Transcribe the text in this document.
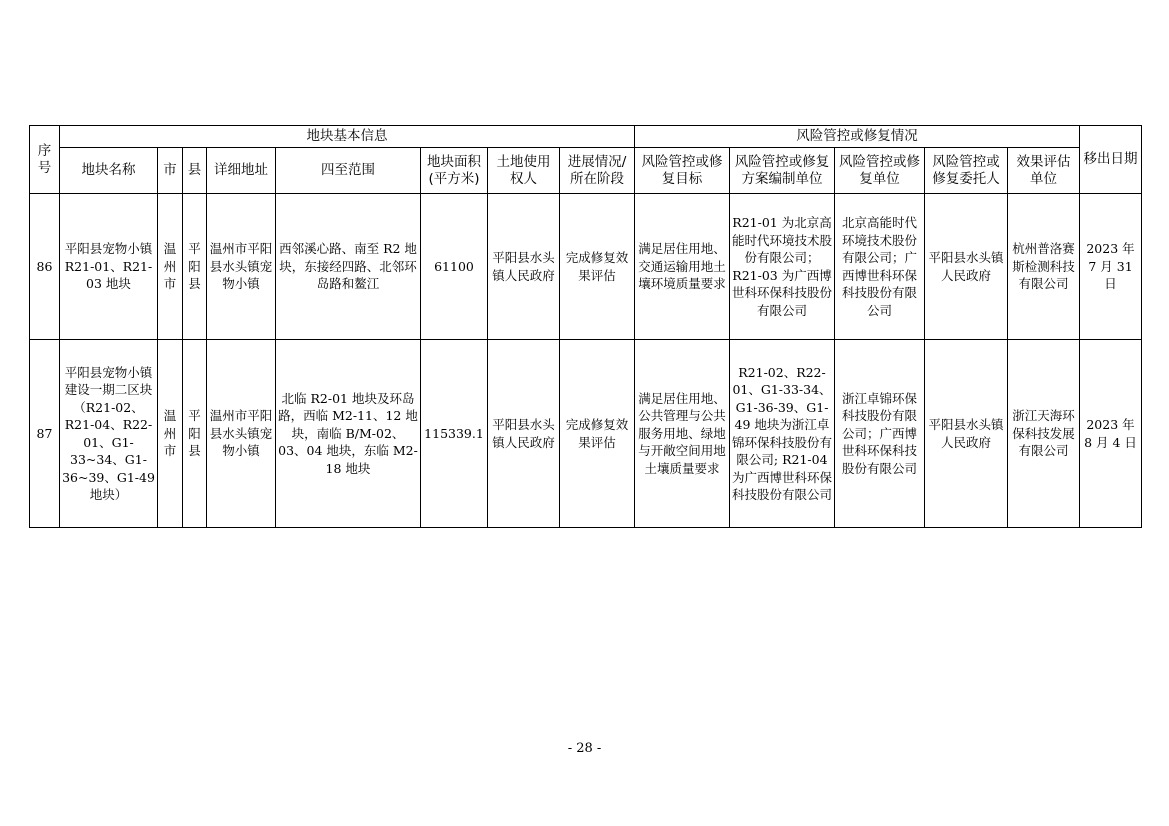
序号	地块基本信息								风险管控或修复情况					移出日期
	地块名称	市	县	详细地址	四至范围	地块面积(平方米)	土地使用权人	进展情况/所在阶段	风险管控或修复目标	风险管控或修复方案编制单位	风险管控或修复单位	风险管控或修复委托人	效果评估单位	
86	平阳县宠物小镇 R21-01、R21-03 地块	温州市	平阳县	温州市平阳县水头镇宠物小镇	西邻溪心路、南至 R2 地块，东接经四路、北邻环岛路和鳌江	61100	平阳县水头镇人民政府	完成修复效果评估	满足居住用地、交通运输用地土壤环境质量要求	R21-01 为北京高能时代环境技术股份有限公司；R21-03 为广西博世科环保科技股份有限公司	北京高能时代环境技术股份有限公司；广西博世科环保科技股份有限公司	平阳县水头镇人民政府	杭州普洛赛斯检测科技有限公司	2023 年 7 月 31 日
87	平阳县宠物小镇建设一期二区块（R21-02、R21-04、R22-01、G1-33~34、G1-36~39、G1-49 地块）	温州市	平阳县	温州市平阳县水头镇宠物小镇	北临 R2-01 地块及环岛路，西临 M2-11、12 地块，南临 B/M-02、03、04 地块，东临 M2-18 地块	115339.1	平阳县水头镇人民政府	完成修复效果评估	满足居住用地、公共管理与公共服务用地、绿地与开敞空间用地土壤质量要求	R21-02、R22-01、G1-33-34、G1-36-39、G1-49 地块为浙江卓锦环保科技股份有限公司; R21-04 为广西博世科环保科技股份有限公司	浙江卓锦环保科技股份有限公司；广西博世科环保科技股份有限公司	平阳县水头镇人民政府	浙江天海环保科技发展有限公司	2023 年 8 月 4 日
- 28 -
